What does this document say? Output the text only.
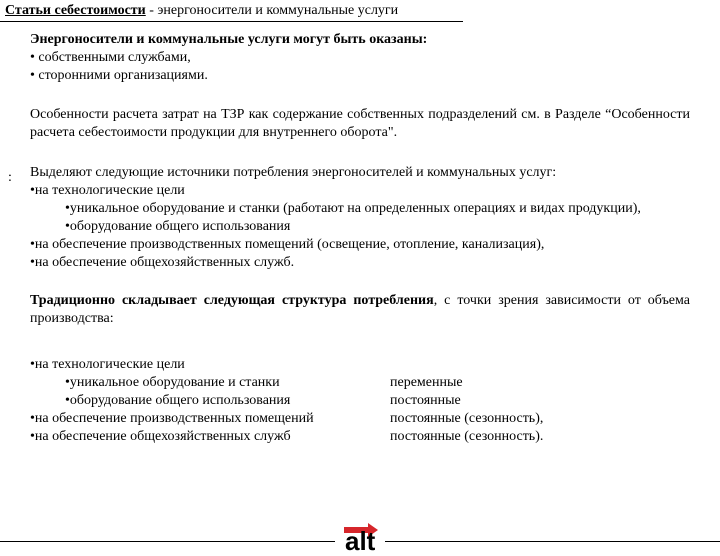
Статьи себестоимости - энергоносители и коммунальные услуги
:

Энергоносители и коммунальные услуги могут быть оказаны:

• собственными службами,

• сторонними организациями.

Особенности расчета затрат на ТЗР как содержание собственных подразделений см. в Разделе “Особенности расчета себестоимости продукции для внутреннего оборота".

Выделяют следующие источники потребления энергоносителей и коммунальных услуг:

•на технологические цели

•уникальное оборудование и станки (работают на определенных операциях и видах продукции),

•оборудование общего использования

•на обеспечение производственных помещений (освещение, отопление, канализация),

•на обеспечение общехозяйственных служб.

Традиционно складывает следующая структура потребления, с точки зрения зависимости от объема производства:

•на технологические цели

•уникальное оборудование и станки	переменные
•оборудование общего использования	постоянные
•на обеспечение производственных помещений	постоянные (сезонность),
•на обеспечение общехозяйственных служб	постоянные (сезонность).
alt
